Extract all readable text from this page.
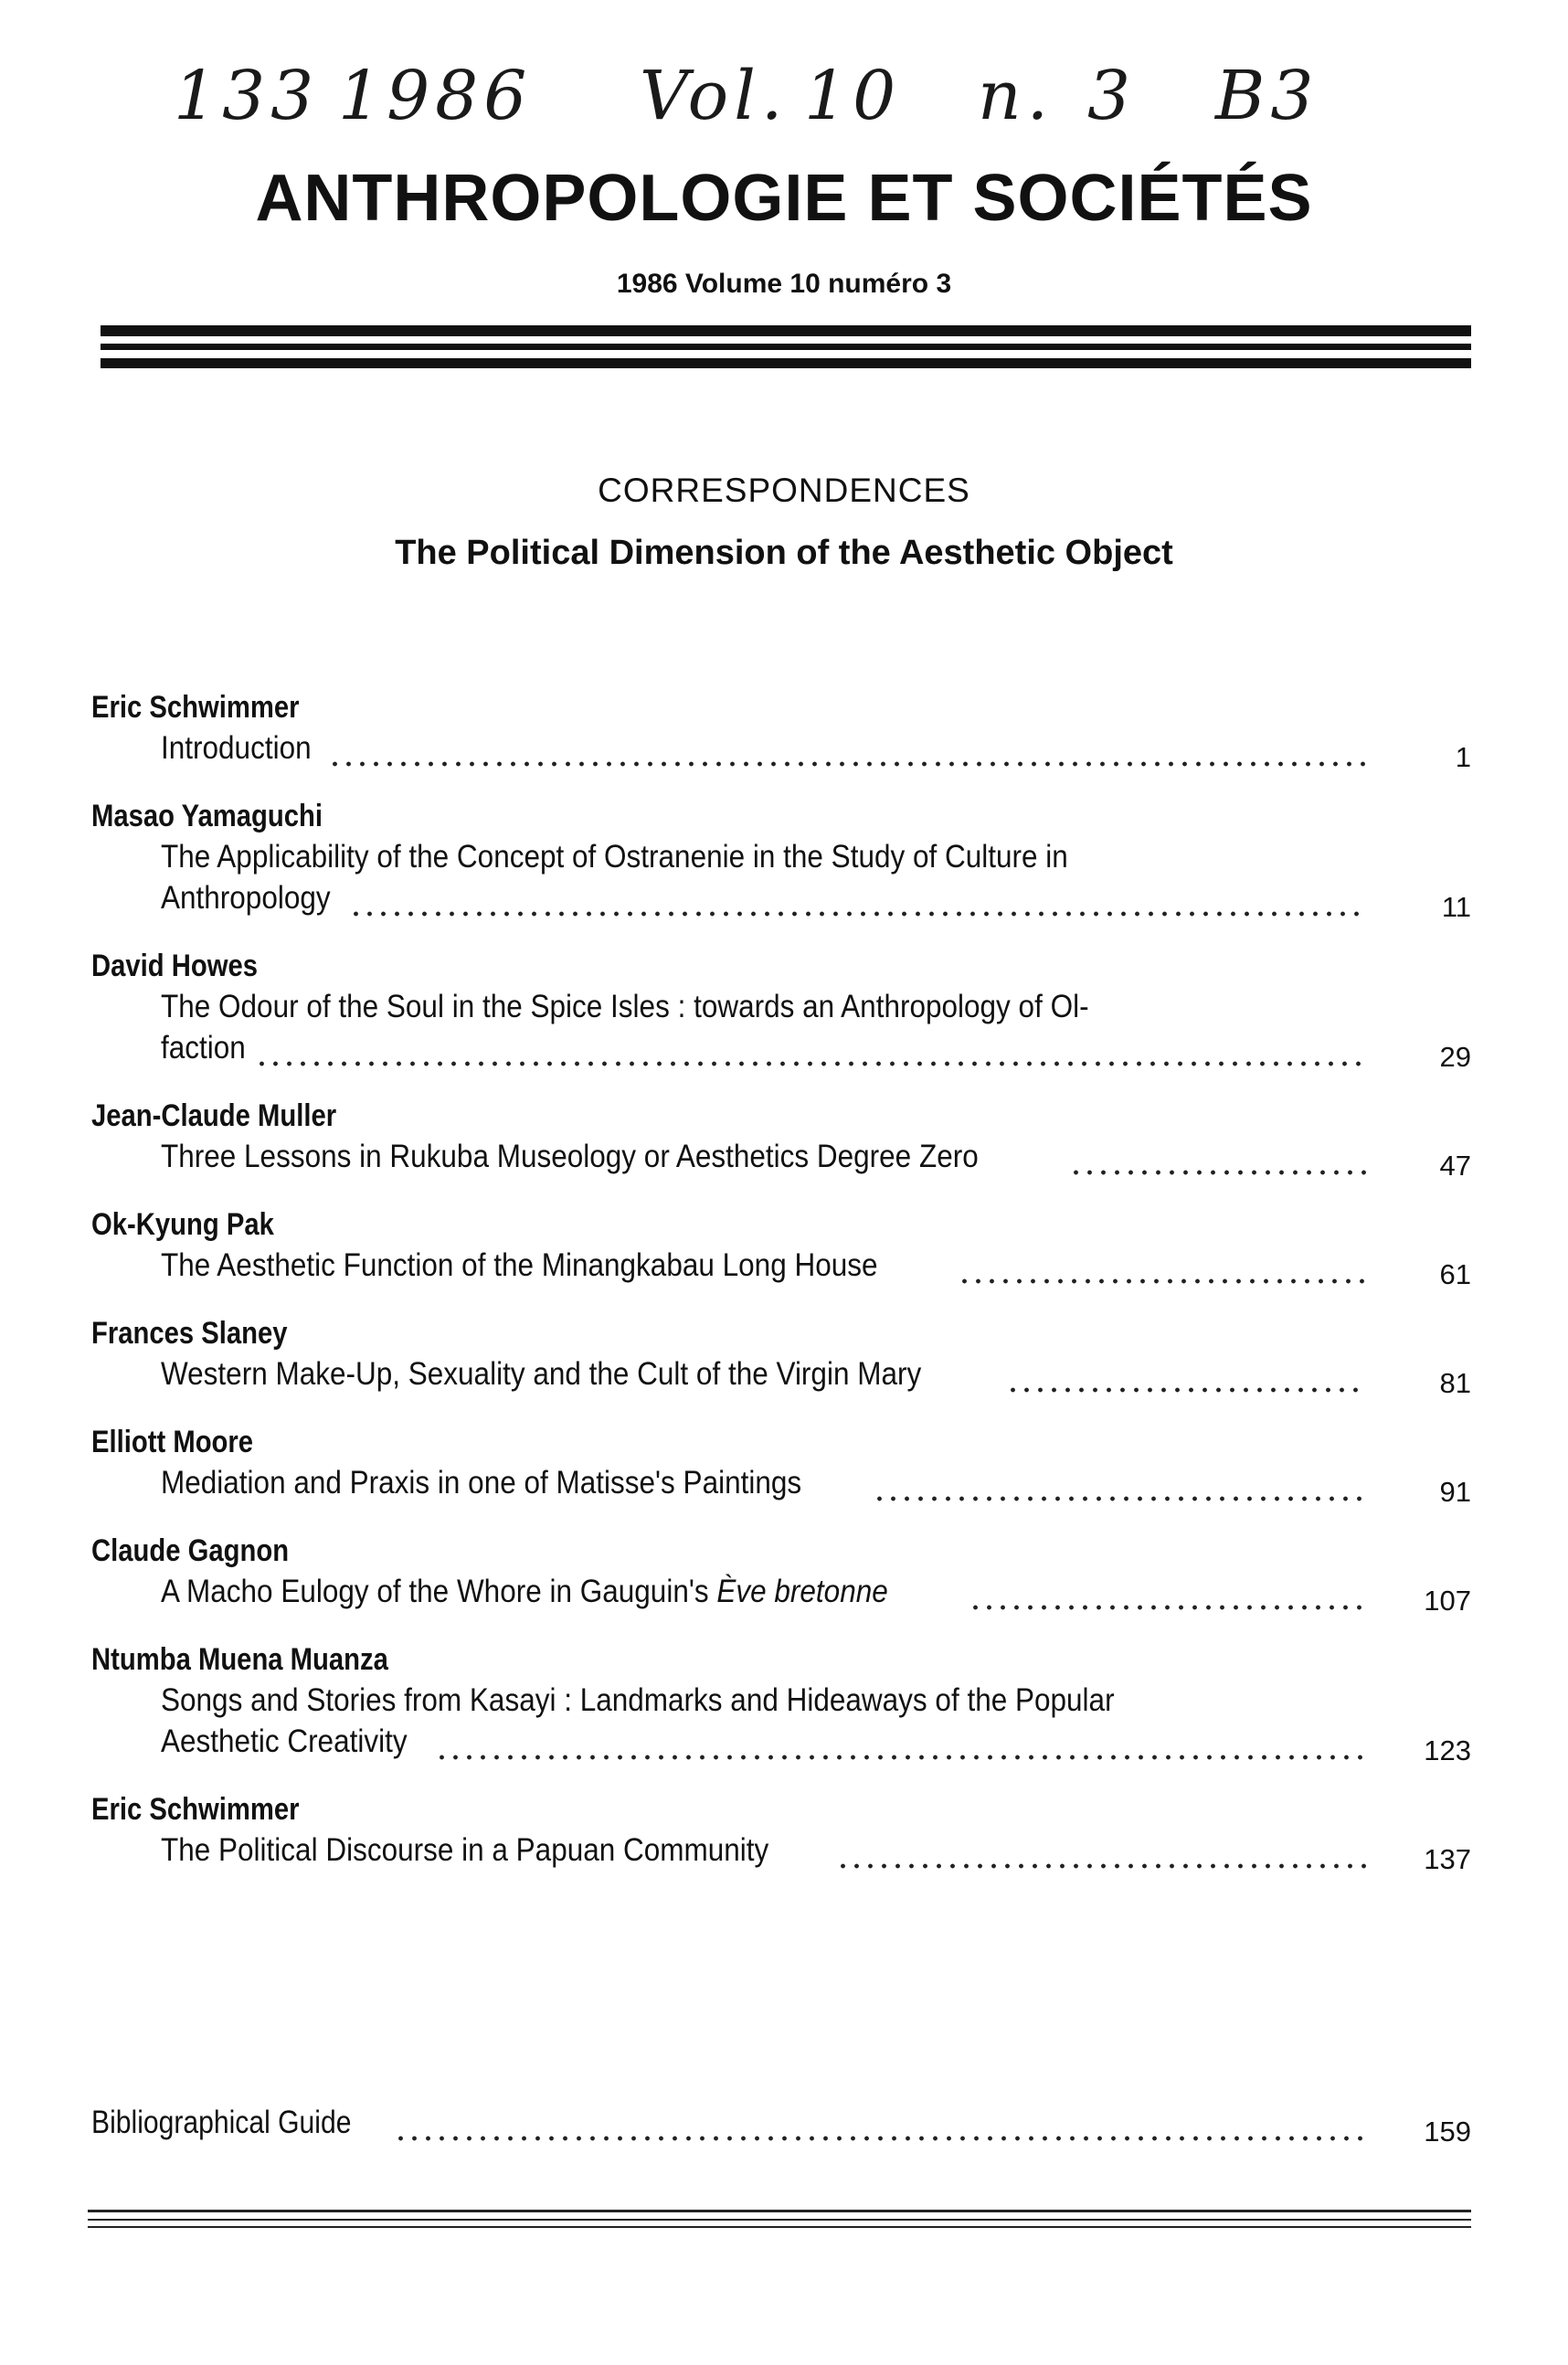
133 1986 Vol. 10 n. 3 B3
ANTHROPOLOGIE ET SOCIÉTÉS
1986 Volume 10 numéro 3
CORRESPONDENCES
The Political Dimension of the Aesthetic Object
Eric Schwimmer
Introduction	1
Masao Yamaguchi
The Applicability of the Concept of Ostranenie in the Study of Culture in
Anthropology	11
David Howes
The Odour of the Soul in the Spice Isles : towards an Anthropology of Ol-
faction	29
Jean-Claude Muller
Three Lessons in Rukuba Museology or Aesthetics Degree Zero	47
Ok-Kyung Pak
The Aesthetic Function of the Minangkabau Long House	61
Frances Slaney
Western Make-Up, Sexuality and the Cult of the Virgin Mary	81
Elliott Moore
Mediation and Praxis in one of Matisse's Paintings	91
Claude Gagnon
A Macho Eulogy of the Whore in Gauguin's Ève bretonne	107
Ntumba Muena Muanza
Songs and Stories from Kasayi : Landmarks and Hideaways of the Popular
Aesthetic Creativity	123
Eric Schwimmer
The Political Discourse in a Papuan Community	137
Bibliographical Guide	159
